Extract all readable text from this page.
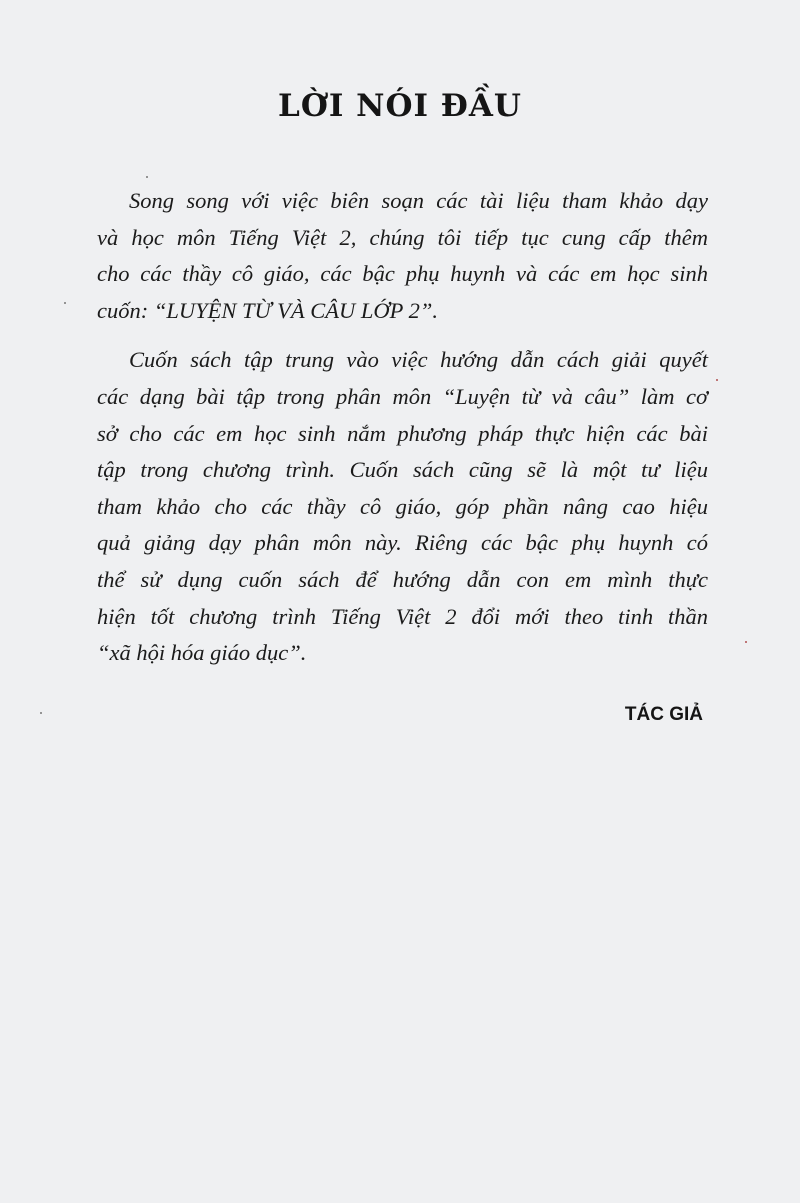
LỜI NÓI ĐẦU

Song song với việc biên soạn các tài liệu tham khảo dạy
và học môn Tiếng Việt 2, chúng tôi tiếp tục cung cấp thêm
cho các thầy cô giáo, các bậc phụ huynh và các em học sinh
cuốn: “LUYỆN TỪ VÀ CÂU LỚP 2”.

Cuốn sách tập trung vào việc hướng dẫn cách giải quyết
các dạng bài tập trong phân môn “Luyện từ và câu” làm cơ
sở cho các em học sinh nắm phương pháp thực hiện các bài
tập trong chương trình. Cuốn sách cũng sẽ là một tư liệu
tham khảo cho các thầy cô giáo, góp phần nâng cao hiệu
quả giảng dạy phân môn này. Riêng các bậc phụ huynh có
thể sử dụng cuốn sách để hướng dẫn con em mình thực
hiện tốt chương trình Tiếng Việt 2 đổi mới theo tinh thần
“xã hội hóa giáo dục”.

TÁC GIẢ
